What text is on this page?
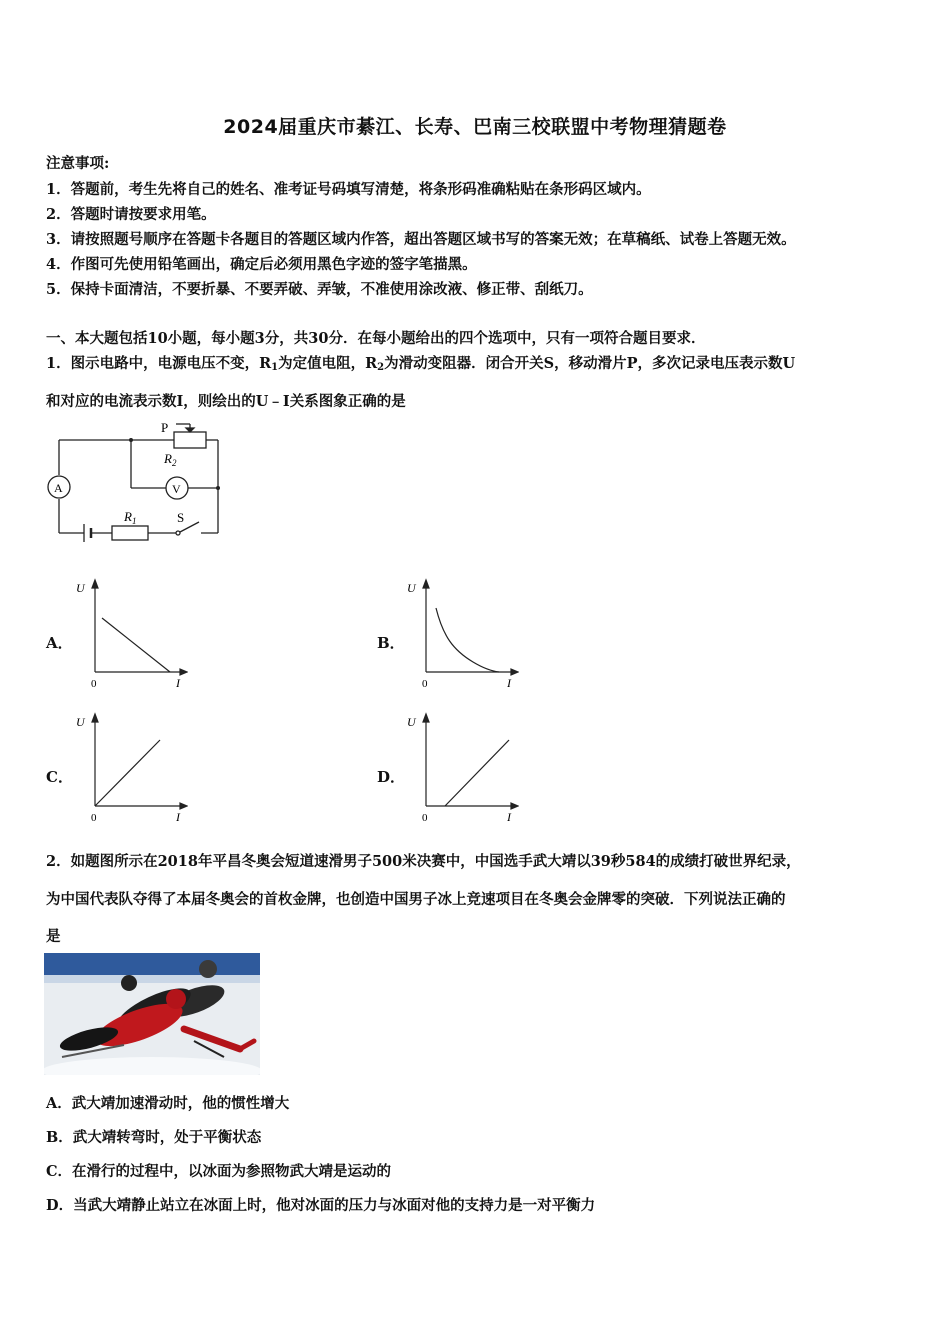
2024届重庆市綦江、长寿、巴南三校联盟中考物理猜题卷
注意事项:
1．答题前，考生先将自己的姓名、准考证号码填写清楚，将条形码准确粘贴在条形码区域内。
2．答题时请按要求用笔。
3．请按照题号顺序在答题卡各题目的答题区域内作答，超出答题区域书写的答案无效；在草稿纸、试卷上答题无效。
4．作图可先使用铅笔画出，确定后必须用黑色字迹的签字笔描黑。
5．保持卡面清洁，不要折暴、不要弄破、弄皱，不准使用涂改液、修正带、刮纸刀。
一、本大题包括10小题，每小题3分，共30分．在每小题给出的四个选项中，只有一项符合题目要求．
1．图示电路中，电源电压不变，$R_1$为定值电阻，$R_2$为滑动变阻器．闭合开关S，移动滑片P，多次记录电压表示数U
和对应的电流表示数I，则绘出的U﹣I关系图象正确的是
P
$R_2$
A	V
$R_1$	S
A．
U
0	I
B．
U
0	I
C．
U
0	I
D．
U
0	I
2．如题图所示在2018年平昌冬奥会短道速滑男子500米决赛中，中国选手武大靖以39秒584的成绩打破世界纪录，
为中国代表队夺得了本届冬奥会的首枚金牌，也创造中国男子冰上竞速项目在冬奥会金牌零的突破．下列说法正确的
是
A．武大靖加速滑动时，他的惯性增大
B．武大靖转弯时，处于平衡状态
C．在滑行的过程中，以冰面为参照物武大靖是运动的
D．当武大靖静止站立在冰面上时，他对冰面的压力与冰面对他的支持力是一对平衡力
